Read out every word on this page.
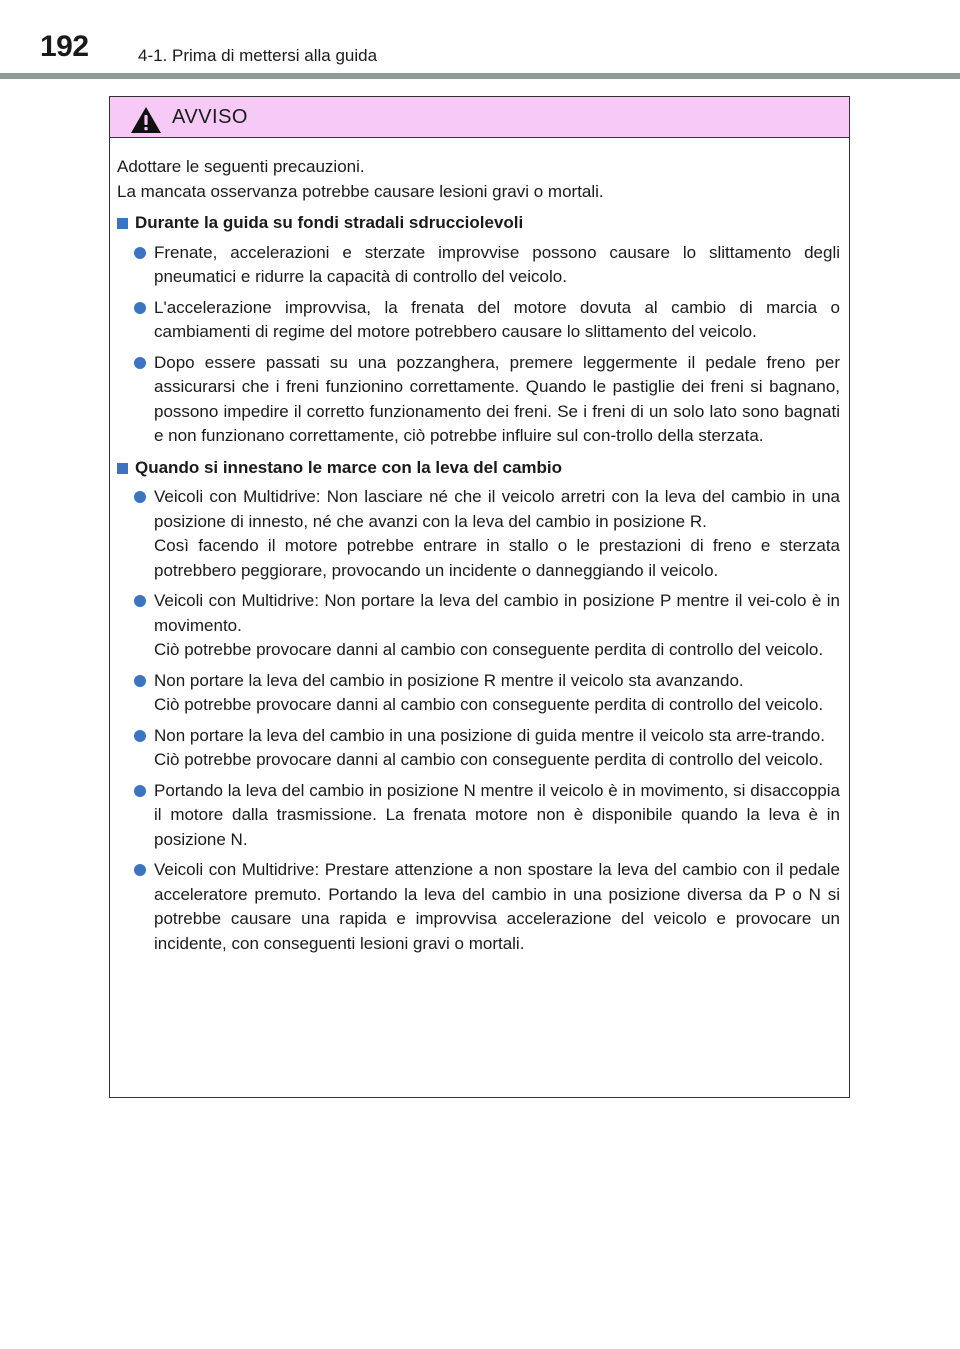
192	4-1. Prima di mettersi alla guida
AVVISO

Adottare le seguenti precauzioni.
La mancata osservanza potrebbe causare lesioni gravi o mortali.

Durante la guida su fondi stradali sdrucciolevoli

Frenate, accelerazioni e sterzate improvvise possono causare lo slittamento degli pneumatici e ridurre la capacità di controllo del veicolo.

L'accelerazione improvvisa, la frenata del motore dovuta al cambio di marcia o cambiamenti di regime del motore potrebbero causare lo slittamento del veicolo.

Dopo essere passati su una pozzanghera, premere leggermente il pedale freno per assicurarsi che i freni funzionino correttamente. Quando le pastiglie dei freni si bagnano, possono impedire il corretto funzionamento dei freni. Se i freni di un solo lato sono bagnati e non funzionano correttamente, ciò potrebbe influire sul con-trollo della sterzata.

Quando si innestano le marce con la leva del cambio

Veicoli con Multidrive: Non lasciare né che il veicolo arretri con la leva del cambio in una posizione di innesto, né che avanzi con la leva del cambio in posizione R.

Così facendo il motore potrebbe entrare in stallo o le prestazioni di freno e sterzata potrebbero peggiorare, provocando un incidente o danneggiando il veicolo.

Veicoli con Multidrive: Non portare la leva del cambio in posizione P mentre il vei-colo è in movimento.

Ciò potrebbe provocare danni al cambio con conseguente perdita di controllo del veicolo.

Non portare la leva del cambio in posizione R mentre il veicolo sta avanzando.

Ciò potrebbe provocare danni al cambio con conseguente perdita di controllo del veicolo.

Non portare la leva del cambio in una posizione di guida mentre il veicolo sta arre-trando.

Ciò potrebbe provocare danni al cambio con conseguente perdita di controllo del veicolo.

Portando la leva del cambio in posizione N mentre il veicolo è in movimento, si disaccoppia il motore dalla trasmissione. La frenata motore non è disponibile quando la leva è in posizione N.

Veicoli con Multidrive: Prestare attenzione a non spostare la leva del cambio con il pedale acceleratore premuto. Portando la leva del cambio in una posizione diversa da P o N si potrebbe causare una rapida e improvvisa accelerazione del veicolo e provocare un incidente, con conseguenti lesioni gravi o mortali.
